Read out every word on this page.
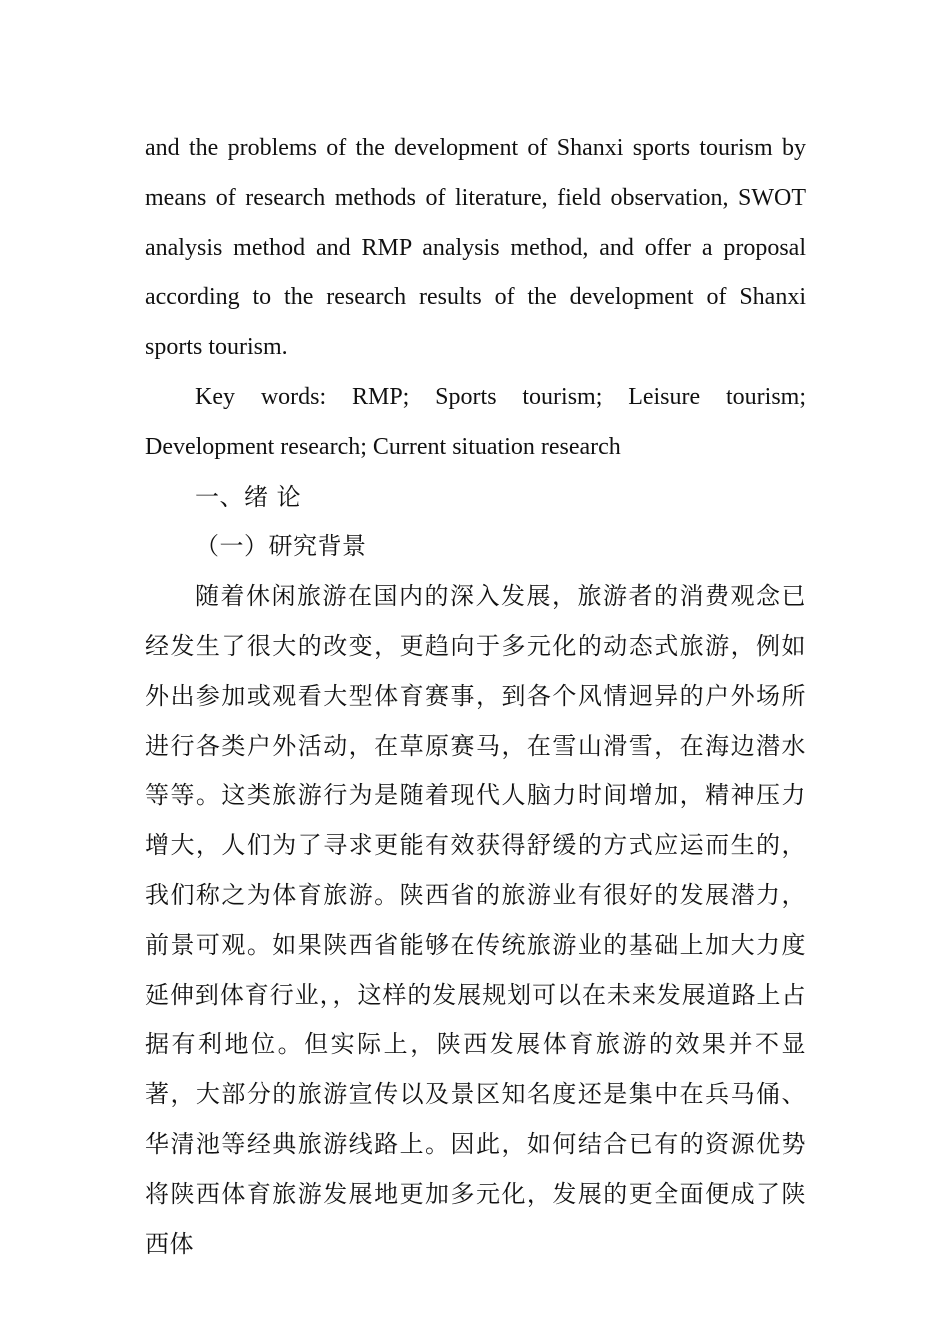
and the problems of the development of Shanxi sports tourism by means of research methods of literature, field observation, SWOT analysis method and RMP analysis method, and offer a proposal according to the research results of the development of Shanxi sports tourism.

Key words: RMP; Sports tourism; Leisure tourism; Development research; Current situation research

一、绪 论

（一）研究背景

随着休闲旅游在国内的深入发展，旅游者的消费观念已经发生了很大的改变，更趋向于多元化的动态式旅游，例如外出参加或观看大型体育赛事，到各个风情迥异的户外场所进行各类户外活动，在草原赛马，在雪山滑雪，在海边潜水等等。这类旅游行为是随着现代人脑力时间增加，精神压力增大，人们为了寻求更能有效获得舒缓的方式应运而生的，我们称之为体育旅游。陕西省的旅游业有很好的发展潜力，前景可观。如果陕西省能够在传统旅游业的基础上加大力度延伸到体育行业，，这样的发展规划可以在未来发展道路上占据有利地位。但实际上，陕西发展体育旅游的效果并不显著，大部分的旅游宣传以及景区知名度还是集中在兵马俑、华清池等经典旅游线路上。因此，如何结合已有的资源优势将陕西体育旅游发展地更加多元化，发展的更全面便成了陕西体
